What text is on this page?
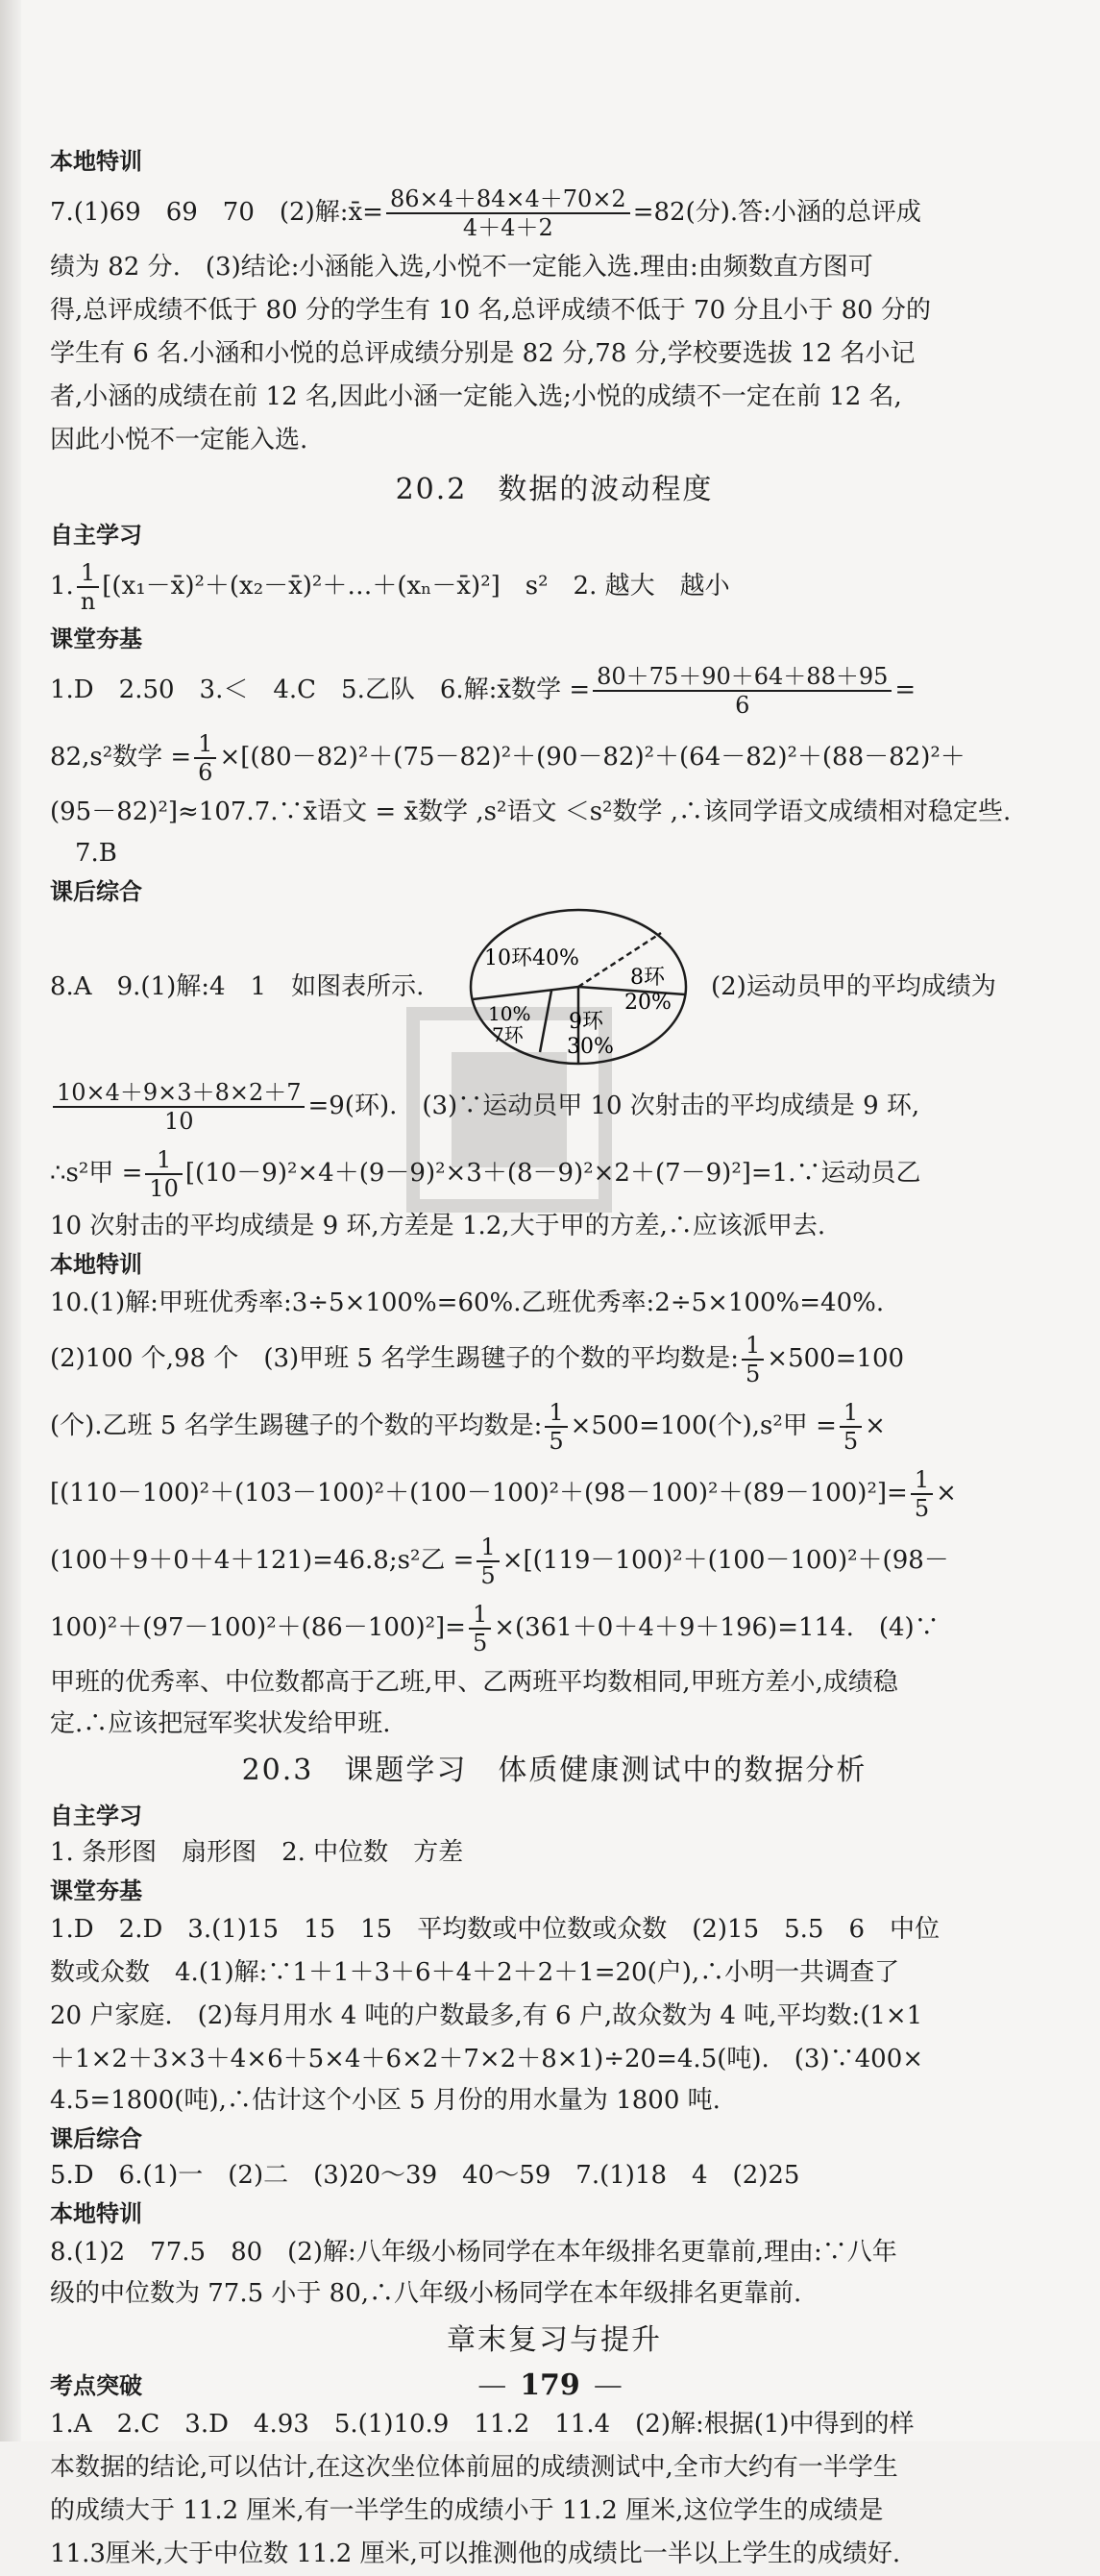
本地特训
7.(1)69　69　70　(2)解:x̄= $\frac{86\times 4+84\times 4+70\times 2}{4+4+2} =82$(分).答:小涵的总评成
绩为 82 分.　(3)结论:小涵能入选,小悦不一定能入选.理由:由频数直方图可
得,总评成绩不低于 80 分的学生有 10 名,总评成绩不低于 70 分且小于 80 分的
学生有 6 名.小涵和小悦的总评成绩分别是 82 分,78 分,学校要选拔 12 名小记
者,小涵的成绩在前 12 名,因此小涵一定能入选;小悦的成绩不一定在前 12 名,
因此小悦不一定能入选.
20.2　数据的波动程度
自主学习
1. $\frac{1}{n}$ [(x₁－x̄)²＋(x₂－x̄)²＋…＋(xₙ－x̄)²]　s²　2. 越大　越小
课堂夯基
1.D　2.50　3.＜　4.C　5.乙队　6.解:x̄数学 = $\frac{80+75+90+64+88+95}{6}$ =
82,s²数学 = $\frac{1}{6} \times[(80-82)^2+(75-82)^2+(90-82)^2+(64-82)^2+(88-82)^2+$
(95－82)²]≈107.7.∵x̄语文 = x̄数学 ,s²语文 ＜s²数学 ,∴该同学语文成绩相对稳定些.
　7.B
课后综合
8.A　9.(1)解:4　1　如图表所示.
10环40%
8环
20%
9环
30%
10%
7环
(2)运动员甲的平均成绩为
$\frac{10\times 4+9\times 3+8\times 2+7}{10} =9$(环).　(3)∵运动员甲 10 次射击的平均成绩是 9 环,
∴s²甲 = $\frac{1}{10}$ [(10－9)²×4＋(9－9)²×3＋(8－9)²×2＋(7－9)²]=1.∵运动员乙
10 次射击的平均成绩是 9 环,方差是 1.2,大于甲的方差,∴应该派甲去.
本地特训
10.(1)解:甲班优秀率:3÷5×100%=60%.乙班优秀率:2÷5×100%=40%.
(2)100 个,98 个　(3)甲班 5 名学生踢毽子的个数的平均数是: $\frac{1}{5} \times 500=100$
(个).乙班 5 名学生踢毽子的个数的平均数是: $\frac{1}{5} \times 500=100$(个),s²甲 = $\frac{1}{5}$ ×
$[(110-100)^2+(103-100)^2+(100-100)^2+(98-100)^2+(89-100)^2]= \frac{1}{5}$ ×
(100＋9＋0＋4＋121)=46.8;s²乙 = $\frac{1}{5} \times[(119-100)^2+(100-100)^2+(98-$
$100)^2+(97-100)^2+(86-100)^2]= \frac{1}{5} \times(361+0+4+9+196)=114$.　(4)∵
甲班的优秀率、中位数都高于乙班,甲、乙两班平均数相同,甲班方差小,成绩稳
定.∴应该把冠军奖状发给甲班.
20.3　课题学习　体质健康测试中的数据分析
自主学习
1. 条形图　扇形图　2. 中位数　方差
课堂夯基
1.D　2.D　3.(1)15　15　15　平均数或中位数或众数　(2)15　5.5　6　中位
数或众数　4.(1)解:∵1＋1＋3＋6＋4＋2＋2＋1=20(户),∴小明一共调查了
20 户家庭.　(2)每月用水 4 吨的户数最多,有 6 户,故众数为 4 吨,平均数:(1×1
＋1×2＋3×3＋4×6＋5×4＋6×2＋7×2＋8×1)÷20=4.5(吨).　(3)∵400×
4.5=1800(吨),∴估计这个小区 5 月份的用水量为 1800 吨.
课后综合
5.D　6.(1)一　(2)二　(3)20～39　40～59　7.(1)18　4　(2)25
本地特训
8.(1)2　77.5　80　(2)解:八年级小杨同学在本年级排名更靠前,理由:∵八年
级的中位数为 77.5 小于 80,∴八年级小杨同学在本年级排名更靠前.
章末复习与提升
考点突破
1.A　2.C　3.D　4.93　5.(1)10.9　11.2　11.4　(2)解:根据(1)中得到的样
本数据的结论,可以估计,在这次坐位体前屈的成绩测试中,全市大约有一半学生
的成绩大于 11.2 厘米,有一半学生的成绩小于 11.2 厘米,这位学生的成绩是
11.3厘米,大于中位数 11.2 厘米,可以推测他的成绩比一半以上学生的成绩好.
— 179 —
